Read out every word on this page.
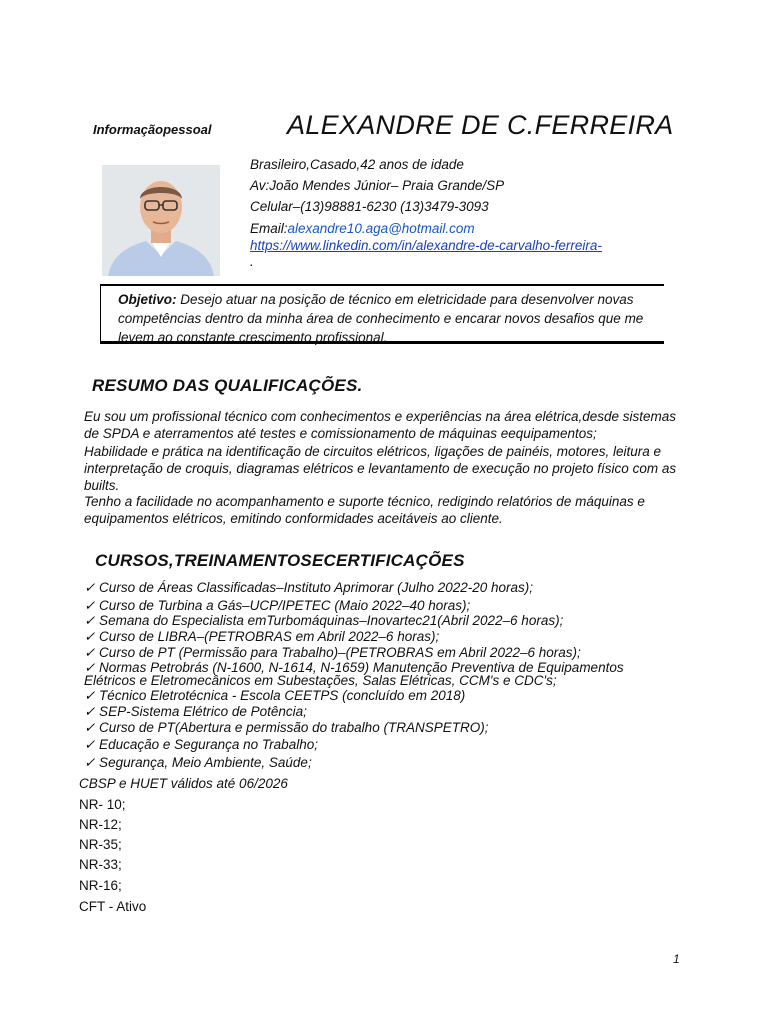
Informaçãopessoal	ALEXANDRE DE C.FERREIRA
Brasileiro,Casado,42 anos de idade
Av:João Mendes Júnior– Praia Grande/SP
Celular–(13)98881-6230 (13)3479-3093
Email:alexandre10.aga@hotmail.com
https://www.linkedin.com/in/alexandre-de-carvalho-ferreira-
.
Objetivo: Desejo atuar na posição de técnico em eletricidade para desenvolver novas competências dentro da minha área de conhecimento e encarar novos desafios que me levem ao constante crescimento profissional.
RESUMO DAS QUALIFICAÇÕES.
Eu sou um profissional técnico com conhecimentos e experiências na área elétrica,desde sistemas de SPDA e aterramentos até testes e comissionamento de máquinas eequipamentos;
Habilidade e prática na identificação de circuitos elétricos, ligações de painéis, motores, leitura e interpretação de croquis, diagramas elétricos e levantamento de execução no projeto físico com as builts.
Tenho a facilidade no acompanhamento e suporte técnico, redigindo relatórios de máquinas e equipamentos elétricos, emitindo conformidades aceitáveis ao cliente.
CURSOS,TREINAMENTOSECERTIFICAÇÕES
✓ Curso de Áreas Classificadas–Instituto Aprimorar (Julho 2022-20 horas);
✓ Curso de Turbina a Gás–UCP/IPETEC (Maio 2022–40 horas);
✓ Semana do Especialista emTurbomáquinas–Inovartec21(Abril 2022–6 horas);
✓ Curso de LIBRA–(PETROBRAS em Abril 2022–6 horas);
✓ Curso de PT (Permissão para Trabalho)–(PETROBRAS em Abril 2022–6 horas);
✓ Normas Petrobrás (N-1600, N-1614, N-1659) Manutenção Preventiva de Equipamentos
Elétricos e Eletromecânicos em Subestações, Salas Elétricas, CCM's e CDC's;
✓ Técnico Eletrotécnica - Escola CEETPS (concluído em 2018)
✓ SEP-Sistema Elétrico de Potência;
✓ Curso de PT(Abertura e permissão do trabalho (TRANSPETRO);
✓ Educação e Segurança no Trabalho;
✓ Segurança, Meio Ambiente, Saúde;
CBSP e HUET válidos até 06/2026
NR- 10;
NR-12;
NR-35;
NR-33;
NR-16;
CFT - Ativo
1
